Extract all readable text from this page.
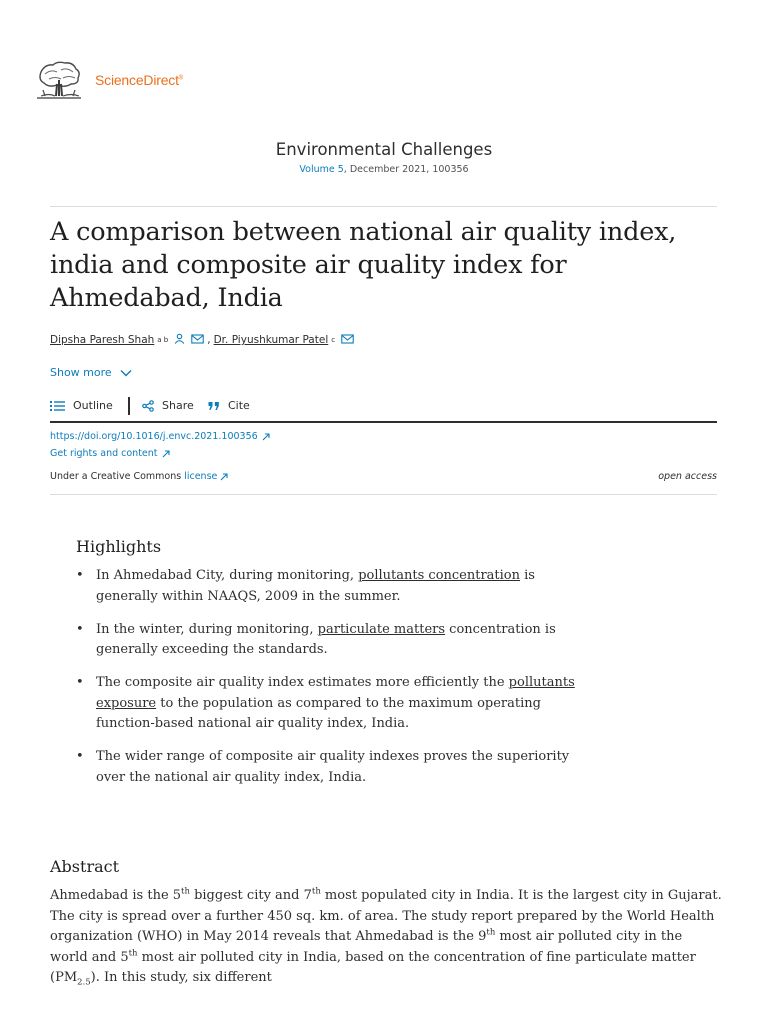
ScienceDirect®
Environmental Challenges
Volume 5, December 2021, 100356
A comparison between national air quality index, india and composite air quality index for Ahmedabad, India
Dipsha Paresh Shah a b	, Dr. Piyushkumar Patel c
Show more
Outline	Share	Cite
https://doi.org/10.1016/j.envc.2021.100356
Get rights and content
Under a Creative Commons license	open access
Highlights
• In Ahmedabad City, during monitoring, pollutants concentration is generally within NAAQS, 2009 in the summer.
• In the winter, during monitoring, particulate matters concentration is generally exceeding the standards.
• The composite air quality index estimates more efficiently the pollutants exposure to the population as compared to the maximum operating function-based national air quality index, India.
• The wider range of composite air quality indexes proves the superiority over the national air quality index, India.
Abstract

Ahmedabad is the 5th biggest city and 7th most populated city in India. It is the largest city in Gujarat. The city is spread over a further 450 sq. km. of area. The study report prepared by the World Health organization (WHO) in May 2014 reveals that Ahmedabad is the 9th most air polluted city in the world and 5th most air polluted city in India, based on the concentration of fine particulate matter $(PM_{2.5})$. In this study, six different
